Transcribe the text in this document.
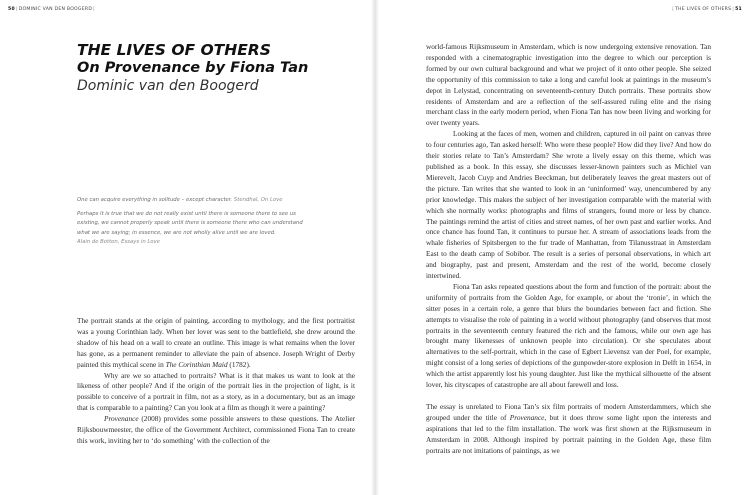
50|DOMINIC VAN DEN BOOGERD|
THE LIVES OF OTHERS
On Provenance by Fiona Tan
Dominic van den Boogerd
One can acquire everything in solitude – except character. Stendhal, On Love

Perhaps it is true that we do not really exist until there is someone there to see us

existing, we cannot properly speak until there is someone there who can understand

what we are saying; in essence, we are not wholly alive until we are loved.

Alain de Botton, Essays in Love

The portrait stands at the origin of painting, according to mythology, and the first portraitist was a young Corinthian lady. When her lover was sent to the battlefield, she drew around the shadow of his head on a wall to create an outline. This image is what remains when the lover has gone, as a permanent reminder to alleviate the pain of absence. Joseph Wright of Derby painted this mythical scene in The Corinthian Maid (1782).

Why are we so attached to portraits? What is it that makes us want to look at the likeness of other people? And if the origin of the portrait lies in the projection of light, is it possible to conceive of a portrait in film, not as a story, as in a documentary, but as an image that is comparable to a painting? Can you look at a film as though it were a painting?

Provenance (2008) provides some possible answers to these questions. The Atelier Rijksbouwmeester, the office of the Government Architect, commissioned Fiona Tan to create this work, inviting her to ‘do something’ with the collection of the

|THE LIVES OF OTHERS|51

world-famous Rijksmuseum in Amsterdam, which is now undergoing extensive renovation. Tan responded with a cinematographic investigation into the degree to which our perception is formed by our own cultural background and what we project of it onto other people. She seized the opportunity of this commission to take a long and careful look at paintings in the museum’s depot in Lelystad, concentrating on seventeenth-century Dutch portraits. These portraits show residents of Amsterdam and are a reflection of the self-assured ruling elite and the rising merchant class in the early modern period, when Fiona Tan has now been living and working for over twenty years.

Looking at the faces of men, women and children, captured in oil paint on canvas three to four centuries ago, Tan asked herself: Who were these people? How did they live? And how do their stories relate to Tan’s Amsterdam? She wrote a lively essay on this theme, which was published as a book. In this essay, she discusses lesser-known painters such as Michiel van Mierevelt, Jacob Cuyp and Andries Beeckman, but deliberately leaves the great masters out of the picture. Tan writes that she wanted to look in an ‘uninformed’ way, unencumbered by any prior knowledge. This makes the subject of her investigation comparable with the material with which she normally works: photographs and films of strangers, found more or less by chance. The paintings remind the artist of cities and street names, of her own past and earlier works. And once chance has found Tan, it continues to pursue her. A stream of associations leads from the whale fisheries of Spitsbergen to the fur trade of Manhattan, from Tilanusstraat in Amsterdam East to the death camp of Sobibor. The result is a series of personal observations, in which art and biography, past and present, Amsterdam and the rest of the world, become closely intertwined.

Fiona Tan asks repeated questions about the form and function of the portrait: about the uniformity of portraits from the Golden Age, for example, or about the ‘tronie’, in which the sitter poses in a certain role, a genre that blurs the boundaries between fact and fiction. She attempts to visualise the role of painting in a world without photography (and observes that most portraits in the seventeenth century featured the rich and the famous, while our own age has brought many likenesses of unknown people into circulation). Or she speculates about alternatives to the self-portrait, which in the case of Egbert Lievensz van der Poel, for example, might consist of a long series of depictions of the gunpowder-store explosion in Delft in 1654, in which the artist apparently lost his young daughter. Just like the mythical silhouette of the absent lover, his cityscapes of catastrophe are all about farewell and loss.

The essay is unrelated to Fiona Tan’s six film portraits of modern Amsterdammers, which she grouped under the title of Provenance, but it does throw some light upon the interests and aspirations that led to the film installation. The work was first shown at the Rijksmuseum in Amsterdam in 2008. Although inspired by portrait painting in the Golden Age, these film portraits are not imitations of paintings, as we
